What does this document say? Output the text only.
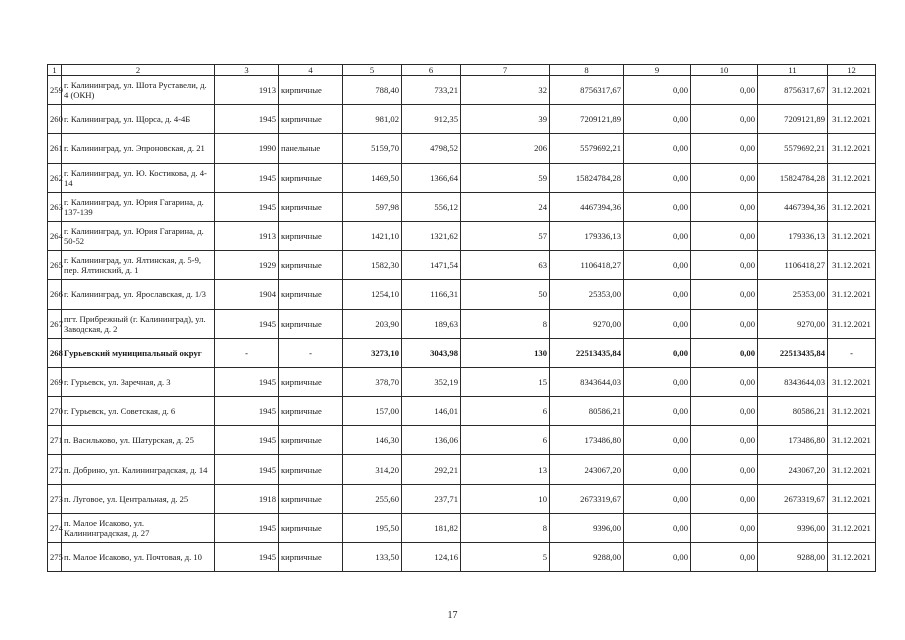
1	2	3	4	5	6	7	8	9	10	11	12
259	г. Калининград, ул. Шота Руставели, д. 4 (ОКН)	1913	кирпичные	788,40	733,21	32	8756317,67	0,00	0,00	8756317,67	31.12.2021
260	г. Калининград, ул. Щорса, д. 4-4Б	1945	кирпичные	981,02	912,35	39	7209121,89	0,00	0,00	7209121,89	31.12.2021
261	г. Калининград, ул. Эпроновская, д. 21	1990	панельные	5159,70	4798,52	206	5579692,21	0,00	0,00	5579692,21	31.12.2021
262	г. Калининград, ул. Ю. Костикова, д. 4-14	1945	кирпичные	1469,50	1366,64	59	15824784,28	0,00	0,00	15824784,28	31.12.2021
263	г. Калининград, ул. Юрия Гагарина, д. 137-139	1945	кирпичные	597,98	556,12	24	4467394,36	0,00	0,00	4467394,36	31.12.2021
264	г. Калининград, ул. Юрия Гагарина, д. 50-52	1913	кирпичные	1421,10	1321,62	57	179336,13	0,00	0,00	179336,13	31.12.2021
265	г. Калининград, ул. Ялтинская, д. 5-9, пер. Ялтинский, д. 1	1929	кирпичные	1582,30	1471,54	63	1106418,27	0,00	0,00	1106418,27	31.12.2021
266	г. Калининград, ул. Ярославская, д. 1/3	1904	кирпичные	1254,10	1166,31	50	25353,00	0,00	0,00	25353,00	31.12.2021
267	пгт. Прибрежный (г. Калининград), ул. Заводская, д. 2	1945	кирпичные	203,90	189,63	8	9270,00	0,00	0,00	9270,00	31.12.2021
268	Гурьевский муниципальный округ	-	-	3273,10	3043,98	130	22513435,84	0,00	0,00	22513435,84	-
269	г. Гурьевск, ул. Заречная, д. 3	1945	кирпичные	378,70	352,19	15	8343644,03	0,00	0,00	8343644,03	31.12.2021
270	г. Гурьевск, ул. Советская, д. 6	1945	кирпичные	157,00	146,01	6	80586,21	0,00	0,00	80586,21	31.12.2021
271	п. Васильково, ул. Шатурская, д. 25	1945	кирпичные	146,30	136,06	6	173486,80	0,00	0,00	173486,80	31.12.2021
272	п. Добрино, ул. Калининградская, д. 14	1945	кирпичные	314,20	292,21	13	243067,20	0,00	0,00	243067,20	31.12.2021
273	п. Луговое, ул. Центральная, д. 25	1918	кирпичные	255,60	237,71	10	2673319,67	0,00	0,00	2673319,67	31.12.2021
274	п. Малое Исаково, ул. Калининградская, д. 27	1945	кирпичные	195,50	181,82	8	9396,00	0,00	0,00	9396,00	31.12.2021
275	п. Малое Исаково, ул. Почтовая, д. 10	1945	кирпичные	133,50	124,16	5	9288,00	0,00	0,00	9288,00	31.12.2021
17
